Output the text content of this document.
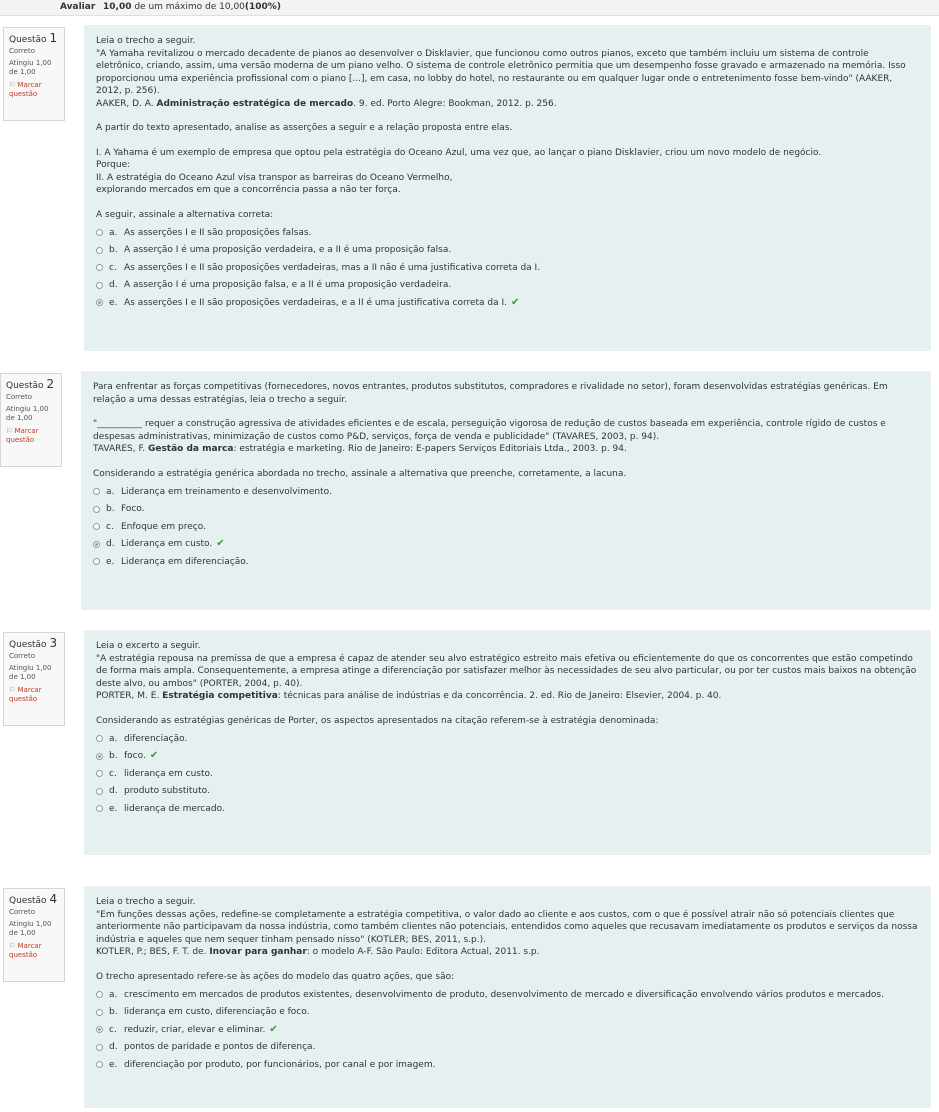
Avaliar 10,00 de um máximo de 10,00(100%)
Questão 1
Correto
Atingiu 1,00 de 1,00
⚐ Marcar questão

Leia o trecho a seguir.

"A Yamaha revitalizou o mercado decadente de pianos ao desenvolver o Disklavier, que funcionou como outros pianos, exceto que também incluiu um sistema de controle eletrônico, criando, assim, uma versão moderna de um piano velho. O sistema de controle eletrônico permitia que um desempenho fosse gravado e armazenado na memória. Isso proporcionou uma experiência profissional com o piano [...], em casa, no lobby do hotel, no restaurante ou em qualquer lugar onde o entretenimento fosse bem-vindo" (AAKER, 2012, p. 256).

AAKER, D. A. Administração estratégica de mercado. 9. ed. Porto Alegre: Bookman, 2012. p. 256.

A partir do texto apresentado, analise as asserções a seguir e a relação proposta entre elas.

I. A Yahama é um exemplo de empresa que optou pela estratégia do Oceano Azul, uma vez que, ao lançar o piano Disklavier, criou um novo modelo de negócio.

Porque:

II. A estratégia do Oceano Azul visa transpor as barreiras do Oceano Vermelho,

explorando mercados em que a concorrência passa a não ter força.

A seguir, assinale a alternativa correta:

a. As asserções I e II são proposições falsas.
b. A asserção I é uma proposição verdadeira, e a II é uma proposição falsa.
c. As asserções I e II são proposições verdadeiras, mas a II não é uma justificativa correta da I.
d. A asserção I é uma proposição falsa, e a II é uma proposição verdadeira.
e. As asserções I e II são proposições verdadeiras, e a II é uma justificativa correta da I. ✔
Questão 2
Correto
Atingiu 1,00 de 1,00
⚐ Marcar questão

Para enfrentar as forças competitivas (fornecedores, novos entrantes, produtos substitutos, compradores e rivalidade no setor), foram desenvolvidas estratégias genéricas. Em relação a uma dessas estratégias, leia o trecho a seguir.

"__________ requer a construção agressiva de atividades eficientes e de escala, perseguição vigorosa de redução de custos baseada em experiência, controle rígido de custos e despesas administrativas, minimização de custos como P&D, serviços, força de venda e publicidade" (TAVARES, 2003, p. 94).

TAVARES, F. Gestão da marca: estratégia e marketing. Rio de Janeiro: E-papers Serviços Editoriais Ltda., 2003. p. 94.

Considerando a estratégia genérica abordada no trecho, assinale a alternativa que preenche, corretamente, a lacuna.

a. Liderança em treinamento e desenvolvimento.
b. Foco.
c. Enfoque em preço.
d. Liderança em custo. ✔
e. Liderança em diferenciação.
Questão 3
Correto
Atingiu 1,00 de 1,00
⚐ Marcar questão

Leia o excerto a seguir.

"A estratégia repousa na premissa de que a empresa é capaz de atender seu alvo estratégico estreito mais efetiva ou eficientemente do que os concorrentes que estão competindo de forma mais ampla. Consequentemente, a empresa atinge a diferenciação por satisfazer melhor às necessidades de seu alvo particular, ou por ter custos mais baixos na obtenção deste alvo, ou ambos" (PORTER, 2004, p. 40).

PORTER, M. E. Estratégia competitiva: técnicas para análise de indústrias e da concorrência. 2. ed. Rio de Janeiro: Elsevier, 2004. p. 40.

Considerando as estratégias genéricas de Porter, os aspectos apresentados na citação referem-se à estratégia denominada:

a. diferenciação.
b. foco. ✔
c. liderança em custo.
d. produto substituto.
e. liderança de mercado.
Questão 4
Correto
Atingiu 1,00 de 1,00
⚐ Marcar questão

Leia o trecho a seguir.

"Em funções dessas ações, redefine-se completamente a estratégia competitiva, o valor dado ao cliente e aos custos, com o que é possível atrair não só potenciais clientes que anteriormente não participavam da nossa indústria, como também clientes não potenciais, entendidos como aqueles que recusavam imediatamente os produtos e serviços da nossa indústria e aqueles que nem sequer tinham pensado nisso" (KOTLER; BES, 2011, s.p.).

KOTLER, P.; BES, F. T. de. Inovar para ganhar: o modelo A-F. São Paulo: Editora Actual, 2011. s.p.

O trecho apresentado refere-se às ações do modelo das quatro ações, que são:

a. crescimento em mercados de produtos existentes, desenvolvimento de produto, desenvolvimento de mercado e diversificação envolvendo vários produtos e mercados.
b. liderança em custo, diferenciação e foco.
c. reduzir, criar, elevar e eliminar. ✔
d. pontos de paridade e pontos de diferença.
e. diferenciação por produto, por funcionários, por canal e por imagem.
